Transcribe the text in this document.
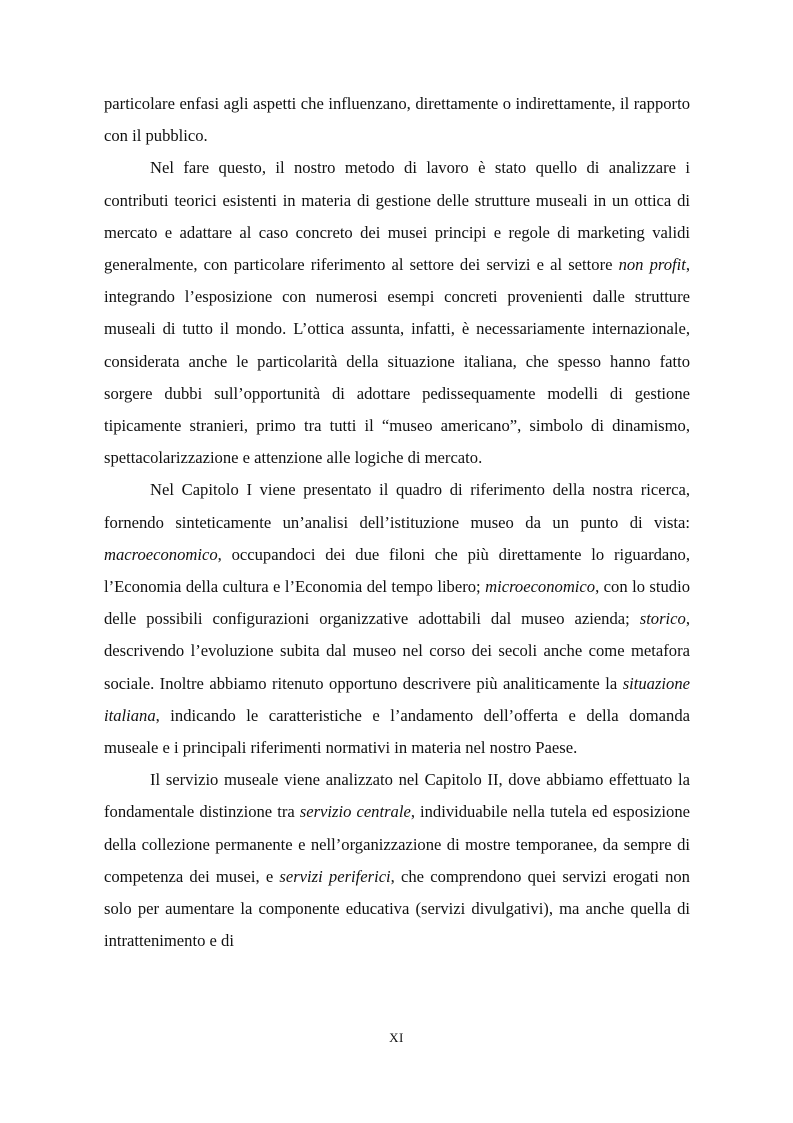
particolare enfasi agli aspetti che influenzano, direttamente o indirettamente, il rapporto con il pubblico.

Nel fare questo, il nostro metodo di lavoro è stato quello di analizzare i contributi teorici esistenti in materia di gestione delle strutture museali in un ottica di mercato e adattare al caso concreto dei musei principi e regole di marketing validi generalmente, con particolare riferimento al settore dei servizi e al settore non profit, integrando l’esposizione con numerosi esempi concreti provenienti dalle strutture museali di tutto il mondo. L’ottica assunta, infatti, è necessariamente internazionale, considerata anche le particolarità della situazione italiana, che spesso hanno fatto sorgere dubbi sull’opportunità di adottare pedissequamente modelli di gestione tipicamente stranieri, primo tra tutti il “museo americano”, simbolo di dinamismo, spettacolarizzazione e attenzione alle logiche di mercato.

Nel Capitolo I viene presentato il quadro di riferimento della nostra ricerca, fornendo sinteticamente un’analisi dell’istituzione museo da un punto di vista: macroeconomico, occupandoci dei due filoni che più direttamente lo riguardano, l’Economia della cultura e l’Economia del tempo libero; microeconomico, con lo studio delle possibili configurazioni organizzative adottabili dal museo azienda; storico, descrivendo l’evoluzione subita dal museo nel corso dei secoli anche come metafora sociale. Inoltre abbiamo ritenuto opportuno descrivere più analiticamente la situazione italiana, indicando le caratteristiche e l’andamento dell’offerta e della domanda museale e i principali riferimenti normativi in materia nel nostro Paese.

Il servizio museale viene analizzato nel Capitolo II, dove abbiamo effettuato la fondamentale distinzione tra servizio centrale, individuabile nella tutela ed esposizione della collezione permanente e nell’organizzazione di mostre temporanee, da sempre di competenza dei musei, e servizi periferici, che comprendono quei servizi erogati non solo per aumentare la componente educativa (servizi divulgativi), ma anche quella di intrattenimento e di

XI
